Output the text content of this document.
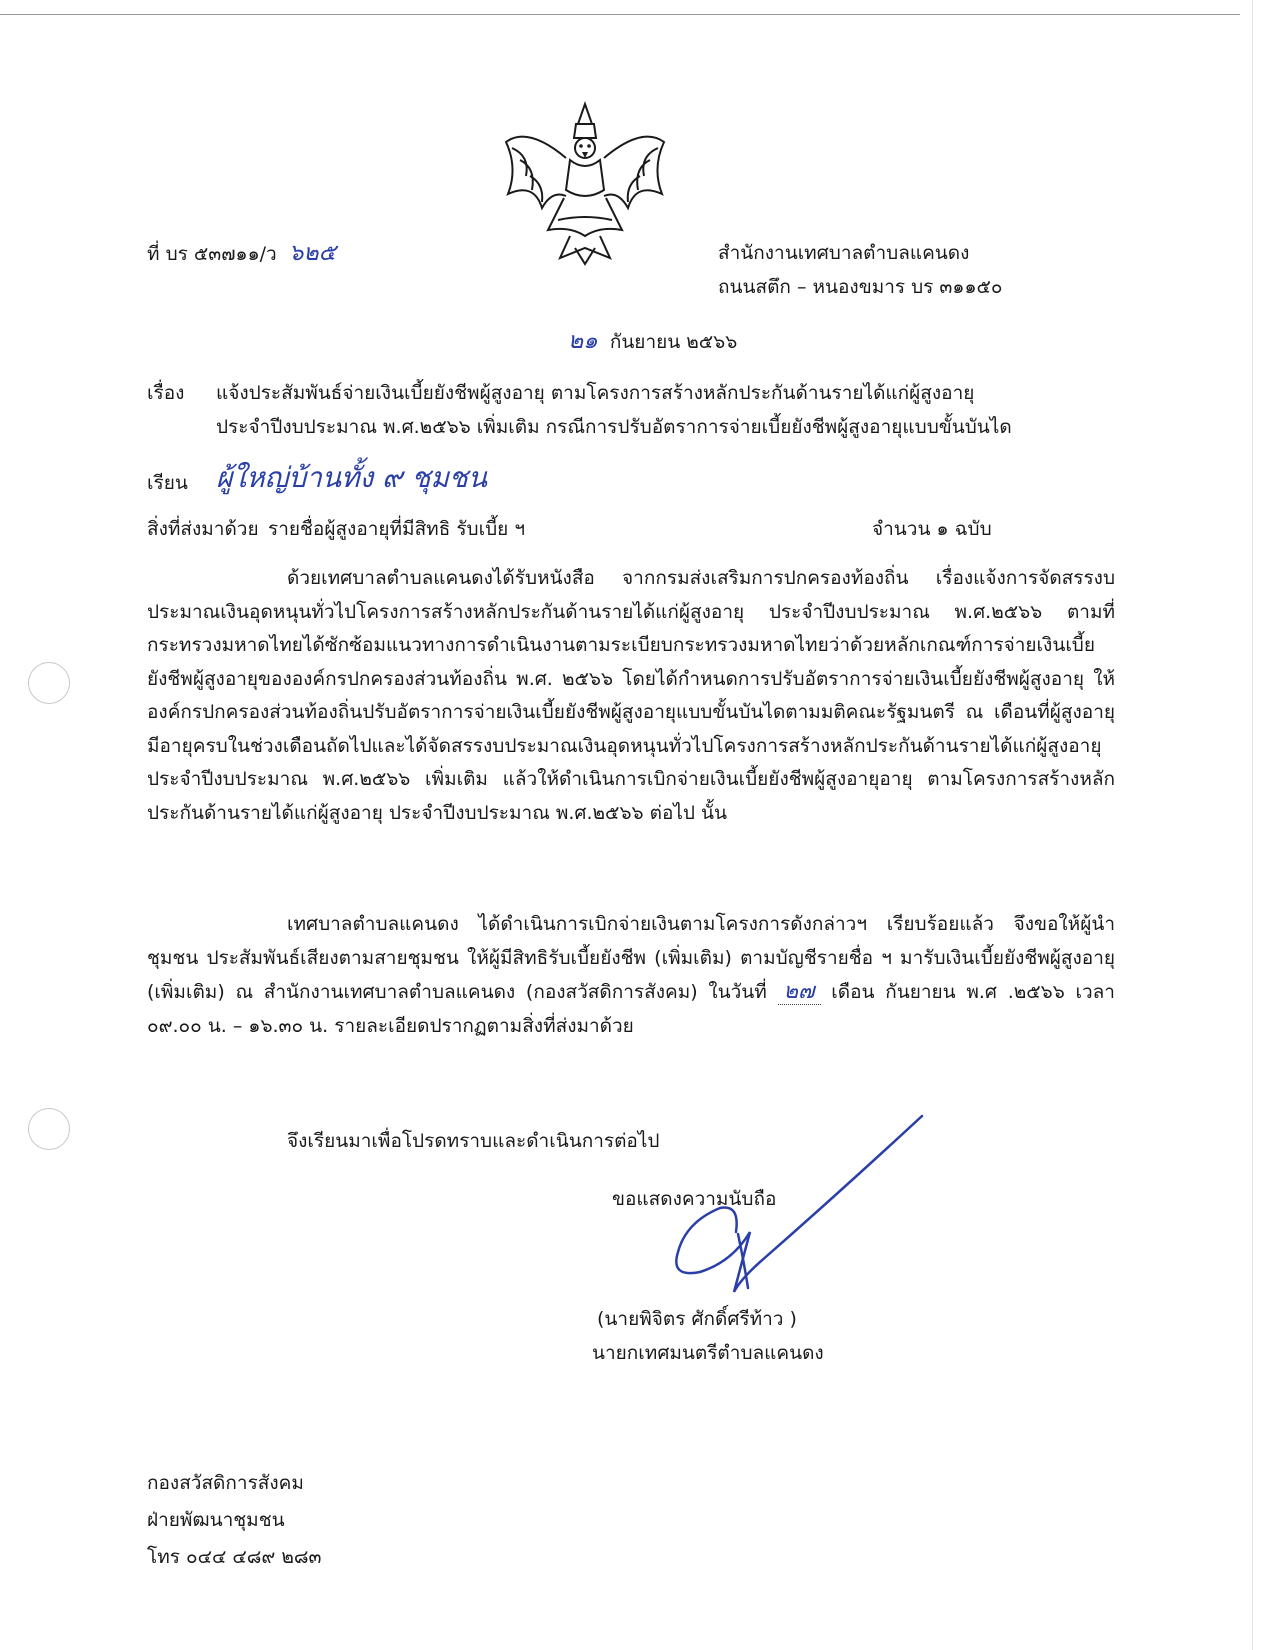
ที่ บร ๕๓๗๑๑/ว ๖๒๕	สำนักงานเทศบาลตำบลแคนดง
ถนนสตึก – หนองขมาร บร ๓๑๑๕๐
๒๑ กันยายน ๒๕๖๖
เรื่อง แจ้งประสัมพันธ์จ่ายเงินเบี้ยยังชีพผู้สูงอายุ ตามโครงการสร้างหลักประกันด้านรายได้แก่ผู้สูงอายุ
ประจำปีงบประมาณ พ.ศ.๒๕๖๖ เพิ่มเติม กรณีการปรับอัตราการจ่ายเบี้ยยังชีพผู้สูงอายุแบบขั้นบันได
เรียน ผู้ใหญ่บ้านทั้ง ๙ ชุมชน
สิ่งที่ส่งมาด้วย รายชื่อผู้สูงอายุที่มีสิทธิ รับเบี้ย ฯ	จำนวน ๑ ฉบับ

ด้วยเทศบาลตำบลแคนดงได้รับหนังสือ จากกรมส่งเสริมการปกครองท้องถิ่น เรื่องแจ้งการจัดสรรงบประมาณเงินอุดหนุนทั่วไปโครงการสร้างหลักประกันด้านรายได้แก่ผู้สูงอายุ ประจำปีงบประมาณ พ.ศ.๒๕๖๖ ตามที่ กระทรวงมหาดไทยได้ซักซ้อมแนวทางการดำเนินงานตามระเบียบกระทรวงมหาดไทยว่าด้วยหลักเกณฑ์การจ่ายเงินเบี้ยยังชีพผู้สูงอายุขององค์กรปกครองส่วนท้องถิ่น พ.ศ. ๒๕๖๖ โดยได้กำหนดการปรับอัตราการจ่ายเงินเบี้ยยังชีพผู้สูงอายุ ให้องค์กรปกครองส่วนท้องถิ่นปรับอัตราการจ่ายเงินเบี้ยยังชีพผู้สูงอายุแบบขั้นบันไดตามมติคณะรัฐมนตรี ณ เดือนที่ผู้สูงอายุมีอายุครบในช่วงเดือนถัดไปและได้จัดสรรงบประมาณเงินอุดหนุนทั่วไปโครงการสร้างหลักประกันด้านรายได้แก่ผู้สูงอายุ ประจำปีงบประมาณ พ.ศ.๒๕๖๖ เพิ่มเติม แล้วให้ดำเนินการเบิกจ่ายเงินเบี้ยยังชีพผู้สูงอายุอายุ ตามโครงการสร้างหลักประกันด้านรายได้แก่ผู้สูงอายุ ประจำปีงบประมาณ พ.ศ.๒๕๖๖ ต่อไป นั้น

เทศบาลตำบลแคนดง ได้ดำเนินการเบิกจ่ายเงินตามโครงการดังกล่าวฯ เรียบร้อยแล้ว จึงขอให้ผู้นำชุมชน ประสัมพันธ์เสียงตามสายชุมชน ให้ผู้มีสิทธิรับเบี้ยยังชีพ (เพิ่มเติม) ตามบัญชีรายชื่อ ฯ มารับเงินเบี้ยยังชีพผู้สูงอายุ (เพิ่มเติม) ณ สำนักงานเทศบาลตำบลแคนดง (กองสวัสดิการสังคม) ในวันที่ ๒๗ เดือน กันยายน พ.ศ .๒๕๖๖ เวลา ๐๙.๐๐ น. – ๑๖.๓๐ น. รายละเอียดปรากฏตามสิ่งที่ส่งมาด้วย

จึงเรียนมาเพื่อโปรดทราบและดำเนินการต่อไป
ขอแสดงความนับถือ
(นายพิจิตร ศักดิ์ศรีท้าว )
นายกเทศมนตรีตำบลแคนดง
กองสวัสดิการสังคม
ฝ่ายพัฒนาชุมชน
โทร ๐๔๔ ๔๘๙ ๒๘๓
